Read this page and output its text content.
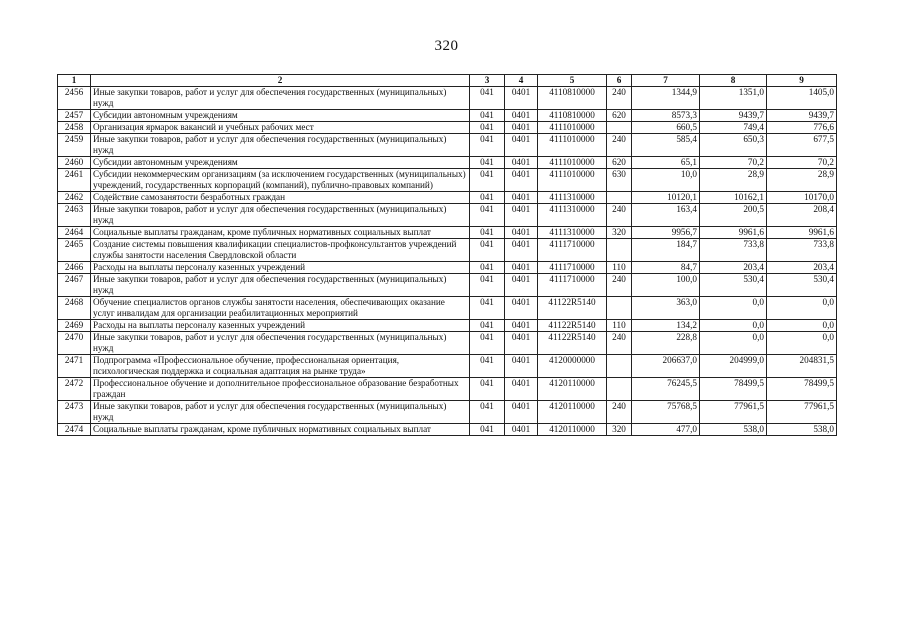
320
1	2	3	4	5	6	7	8	9
2456	Иные закупки товаров, работ и услуг для обеспечения государственных (муниципальных) нужд	041	0401	4110810000	240	1344,9	1351,0	1405,0
2457	Субсидии автономным учреждениям	041	0401	4110810000	620	8573,3	9439,7	9439,7
2458	Организация ярмарок вакансий и учебных рабочих мест	041	0401	4111010000		660,5	749,4	776,6
2459	Иные закупки товаров, работ и услуг для обеспечения государственных (муниципальных) нужд	041	0401	4111010000	240	585,4	650,3	677,5
2460	Субсидии автономным учреждениям	041	0401	4111010000	620	65,1	70,2	70,2
2461	Субсидии некоммерческим организациям (за исключением государственных (муниципальных) учреждений, государственных корпораций (компаний), публично-правовых компаний)	041	0401	4111010000	630	10,0	28,9	28,9
2462	Содействие самозанятости безработных граждан	041	0401	4111310000		10120,1	10162,1	10170,0
2463	Иные закупки товаров, работ и услуг для обеспечения государственных (муниципальных) нужд	041	0401	4111310000	240	163,4	200,5	208,4
2464	Социальные выплаты гражданам, кроме публичных нормативных социальных выплат	041	0401	4111310000	320	9956,7	9961,6	9961,6
2465	Создание системы повышения квалификации специалистов-профконсультантов учреждений службы занятости населения Свердловской области	041	0401	4111710000		184,7	733,8	733,8
2466	Расходы на выплаты персоналу казенных учреждений	041	0401	4111710000	110	84,7	203,4	203,4
2467	Иные закупки товаров, работ и услуг для обеспечения государственных (муниципальных) нужд	041	0401	4111710000	240	100,0	530,4	530,4
2468	Обучение специалистов органов службы занятости населения, обеспечивающих оказание услуг инвалидам для организации реабилитационных мероприятий	041	0401	41122R5140		363,0	0,0	0,0
2469	Расходы на выплаты персоналу казенных учреждений	041	0401	41122R5140	110	134,2	0,0	0,0
2470	Иные закупки товаров, работ и услуг для обеспечения государственных (муниципальных) нужд	041	0401	41122R5140	240	228,8	0,0	0,0
2471	Подпрограмма «Профессиональное обучение, профессиональная ориентация, психологическая поддержка и социальная адаптация на рынке труда»	041	0401	4120000000		206637,0	204999,0	204831,5
2472	Профессиональное обучение и дополнительное профессиональное образование безработных граждан	041	0401	4120110000		76245,5	78499,5	78499,5
2473	Иные закупки товаров, работ и услуг для обеспечения государственных (муниципальных) нужд	041	0401	4120110000	240	75768,5	77961,5	77961,5
2474	Социальные выплаты гражданам, кроме публичных нормативных социальных выплат	041	0401	4120110000	320	477,0	538,0	538,0
